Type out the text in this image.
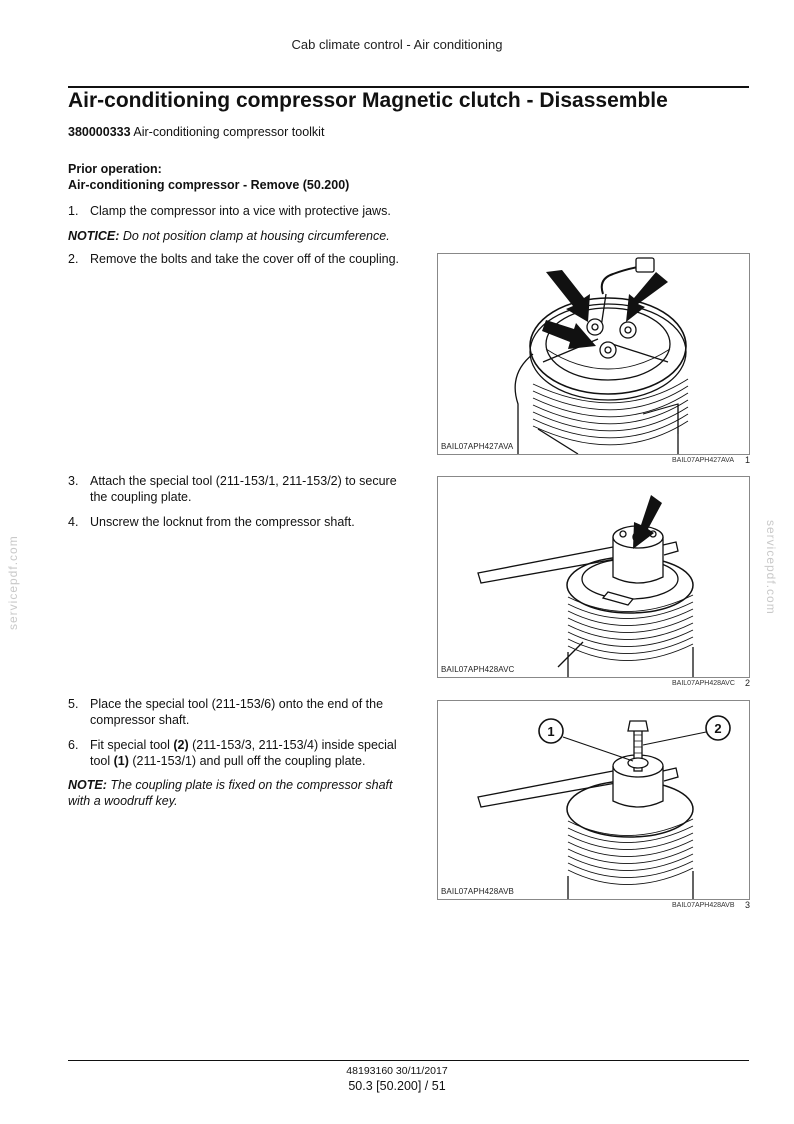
Cab climate control - Air conditioning
Air-conditioning compressor Magnetic clutch - Disassemble
380000333 Air-conditioning compressor toolkit
Prior operation:
Air-conditioning compressor - Remove (50.200)
1. Clamp the compressor into a vice with protective jaws.
NOTICE: Do not position clamp at housing circumference.
2. Remove the bolts and take the cover off of the coupling.
3. Attach the special tool (211-153/1, 211-153/2) to secure the coupling plate.
4. Unscrew the locknut from the compressor shaft.
5. Place the special tool (211-153/6) onto the end of the compressor shaft.
6. Fit special tool (2) (211-153/3, 211-153/4) inside special tool (1) (211-153/1) and pull off the coupling plate.
NOTE: The coupling plate is fixed on the compressor shaft with a woodruff key.
BAIL07APH427AVA
BAIL07APH427AVA 1
BAIL07APH428AVC
BAIL07APH428AVC 2
1	2
BAIL07APH428AVB
BAIL07APH428AVB 3
servicepdf.com	servicepdf.com
48193160 30/11/2017
50.3 [50.200] / 51
